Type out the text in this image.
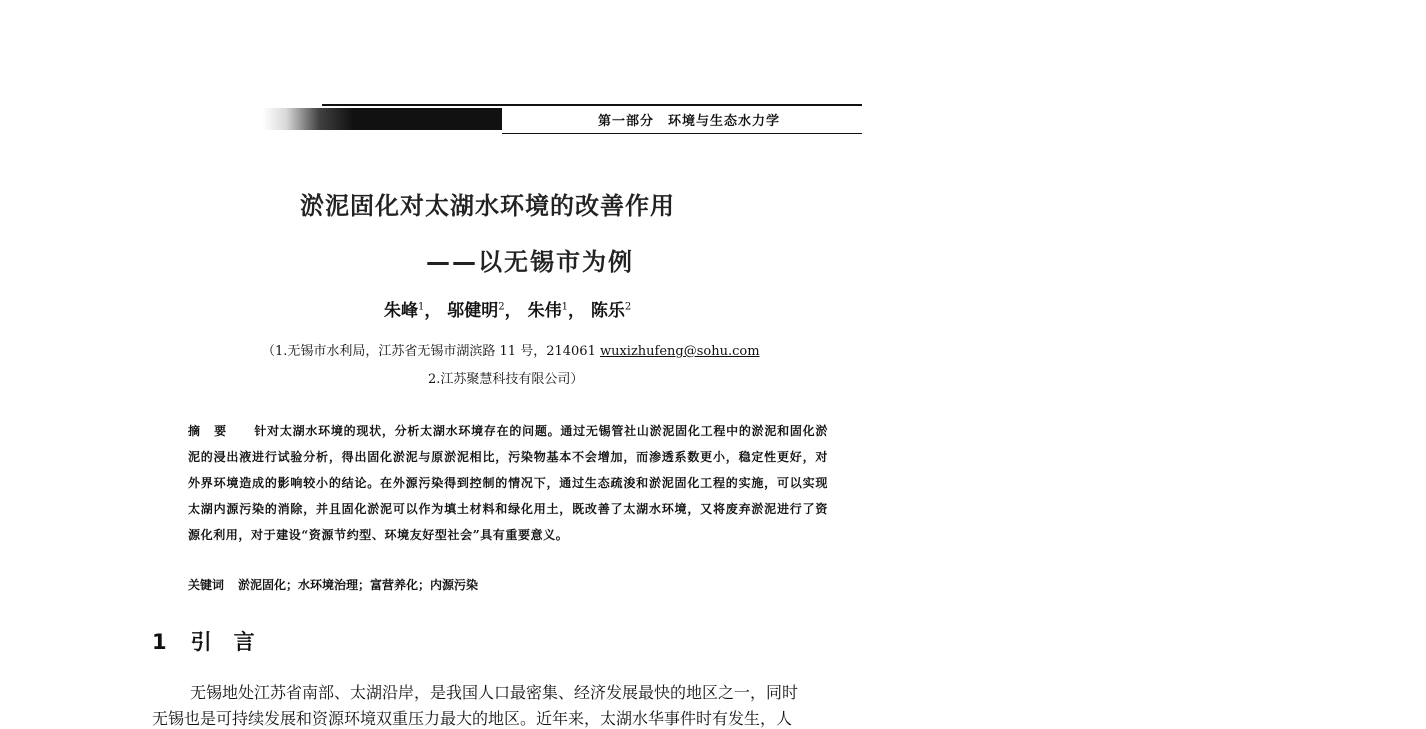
第一部分　环境与生态水力学
淤泥固化对太湖水环境的改善作用
——以无锡市为例
朱峰$^1$， 邬健明$^2$， 朱伟$^1$， 陈乐$^2$
（1.无锡市水利局，江苏省无锡市湖滨路 11 号，214061 wuxizhufeng@sohu.com
2.江苏聚慧科技有限公司）
摘要 针对太湖水环境的现状，分析太湖水环境存在的问题。通过无锡管社山淤泥固化工程中的淤泥和固化淤泥的浸出液进行试验分析，得出固化淤泥与原淤泥相比，污染物基本不会增加，而渗透系数更小，稳定性更好，对外界环境造成的影响较小的结论。在外源污染得到控制的情况下，通过生态疏浚和淤泥固化工程的实施，可以实现太湖内源污染的消除，并且固化淤泥可以作为填土材料和绿化用土，既改善了太湖水环境，又将废弃淤泥进行了资源化利用，对于建设“资源节约型、环境友好型社会”具有重要意义。
关键词 淤泥固化；水环境治理；富营养化；内源污染
1 引言
无锡地处江苏省南部、太湖沿岸，是我国人口最密集、经济发展最快的地区之一，同时
无锡也是可持续发展和资源环境双重压力最大的地区。近年来，太湖水华事件时有发生，人
